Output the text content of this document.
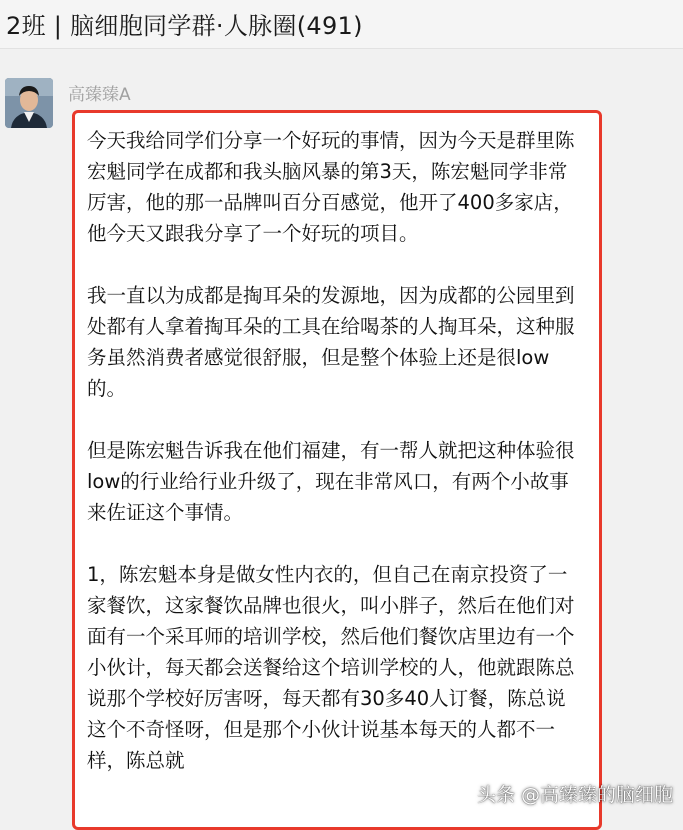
2班 | 脑细胞同学群·人脉圈(491)
高臻臻A

今天我给同学们分享一个好玩的事情，因为今天是群里陈宏魁同学在成都和我头脑风暴的第3天，陈宏魁同学非常厉害，他的那一品牌叫百分百感觉，他开了400多家店，他今天又跟我分享了一个好玩的项目。

我一直以为成都是掏耳朵的发源地，因为成都的公园里到处都有人拿着掏耳朵的工具在给喝茶的人掏耳朵，这种服务虽然消费者感觉很舒服，但是整个体验上还是很low的。

但是陈宏魁告诉我在他们福建，有一帮人就把这种体验很low的行业给行业升级了，现在非常风口，有两个小故事来佐证这个事情。

1，陈宏魁本身是做女性内衣的，但自己在南京投资了一家餐饮，这家餐饮品牌也很火，叫小胖子，然后在他们对面有一个采耳师的培训学校，然后他们餐饮店里边有一个小伙计，每天都会送餐给这个培训学校的人，他就跟陈总说那个学校好厉害呀，每天都有30多40人订餐，陈总说这个不奇怪呀，但是那个小伙计说基本每天的人都不一样，陈总就

头条 @高臻臻的脑细胞
